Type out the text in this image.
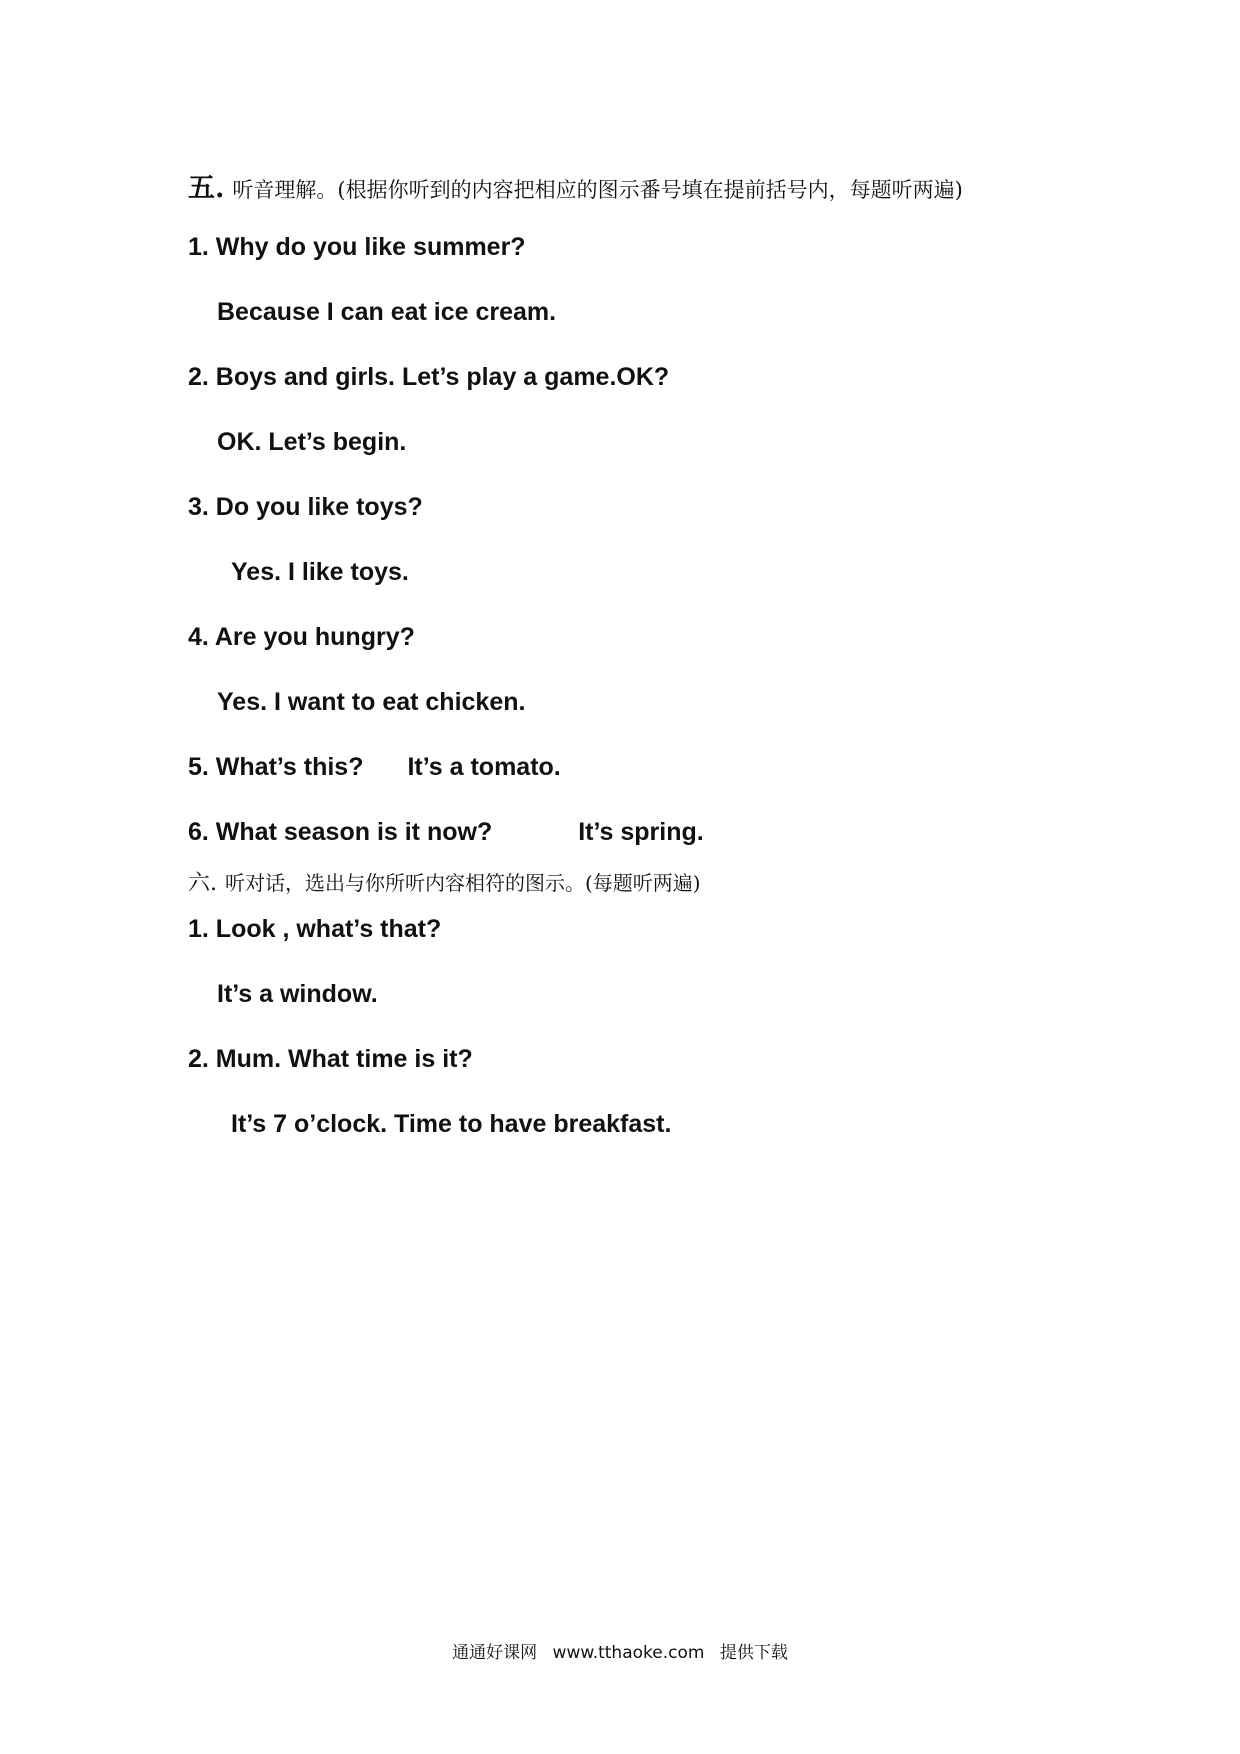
五. 听音理解。(根据你听到的内容把相应的图示番号填在提前括号内，每题听两遍)
1. Why do you like summer?
Because I can eat ice cream.
2. Boys and girls. Let’s play a game.OK?
OK. Let’s begin.
3. Do you like toys?
Yes. I like toys.
4. Are you hungry?
Yes. I want to eat chicken.
5. What’s this? It’s a tomato.
6. What season is it now?	It’s spring.
六. 听对话，选出与你所听内容相符的图示。(每题听两遍)
1. Look , what’s that?
It’s a window.
2. Mum. What time is it?
It’s 7 o’clock. Time to have breakfast.
通通好课网 www.tthaoke.com 提供下载
